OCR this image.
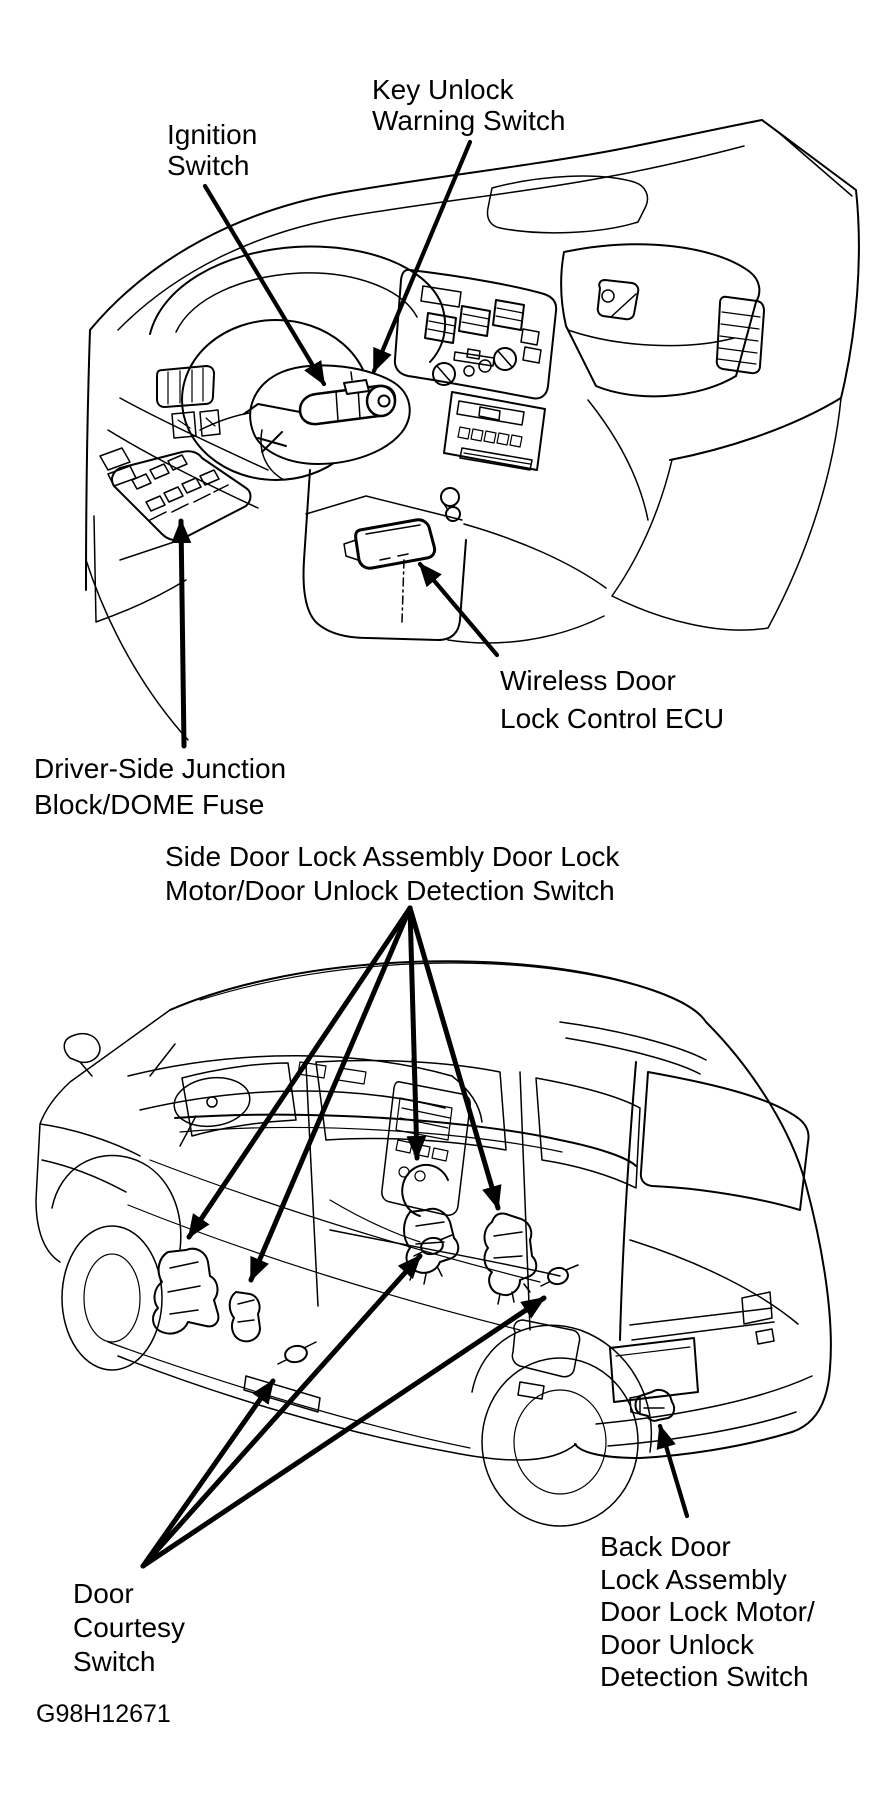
Key Unlock
Warning Switch
Ignition
Switch
Wireless Door
Lock Control ECU
Driver-Side Junction
Block/DOME Fuse
Side Door Lock Assembly Door Lock
Motor/Door Unlock Detection Switch
Door
Courtesy
Switch
Back Door
Lock Assembly
Door Lock Motor/
Door Unlock
Detection Switch
G98H12671
